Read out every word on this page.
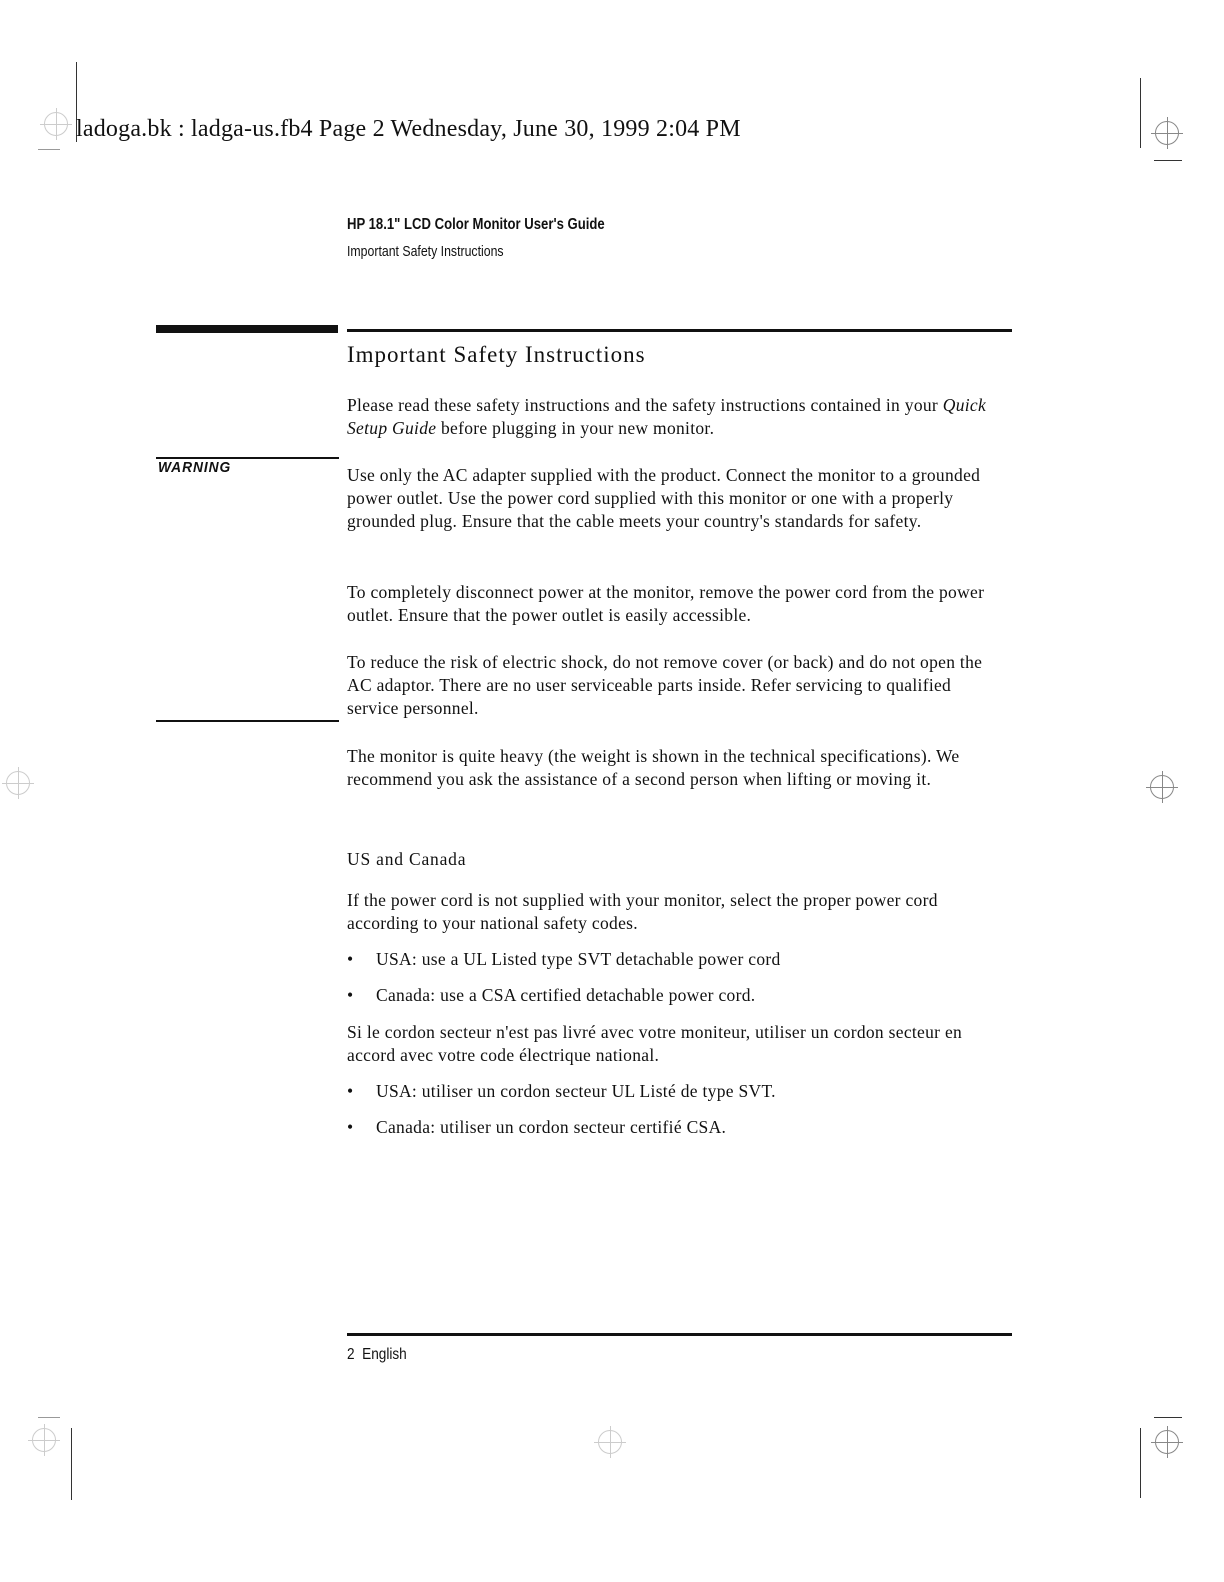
ladoga.bk : ladga-us.fb4 Page 2 Wednesday, June 30, 1999 2:04 PM
HP 18.1" LCD Color Monitor User's Guide
Important Safety Instructions
Important Safety Instructions

Please read these safety instructions and the safety instructions contained in your Quick Setup Guide before plugging in your new monitor.

WARNING	Use only the AC adapter supplied with the product. Connect the monitor to a grounded power outlet. Use the power cord supplied with this monitor or one with a properly grounded plug. Ensure that the cable meets your country's standards for safety.

To completely disconnect power at the monitor, remove the power cord from the power outlet. Ensure that the power outlet is easily accessible.

To reduce the risk of electric shock, do not remove cover (or back) and do not open the AC adaptor. There are no user serviceable parts inside. Refer servicing to qualified service personnel.

The monitor is quite heavy (the weight is shown in the technical specifications). We recommend you ask the assistance of a second person when lifting or moving it.

US and Canada

If the power cord is not supplied with your monitor, select the proper power cord according to your national safety codes.

• USA: use a UL Listed type SVT detachable power cord
• Canada: use a CSA certified detachable power cord.

Si le cordon secteur n'est pas livré avec votre moniteur, utiliser un cordon secteur en accord avec votre code électrique national.

• USA: utiliser un cordon secteur UL Listé de type SVT.
• Canada: utiliser un cordon secteur certifié CSA.
2 English
